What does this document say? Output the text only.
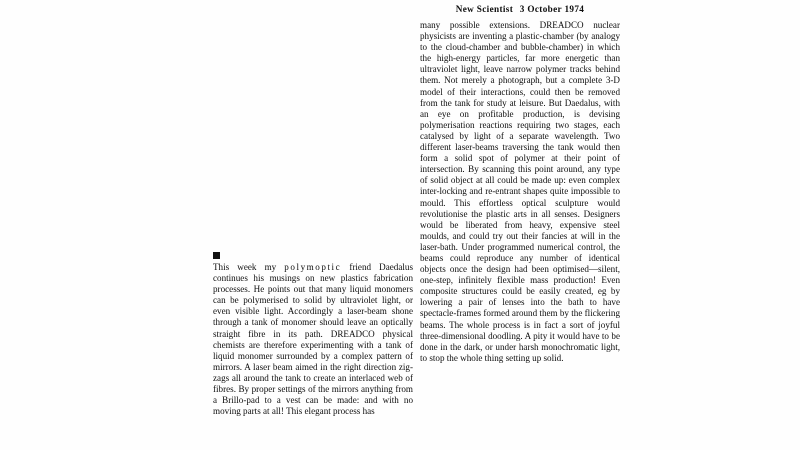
New Scientist 3 October 1974

This week my polymoptic friend Daedalus continues his musings on new plastics fabrication processes. He points out that many liquid monomers can be polymerised to solid by ultraviolet light, or even visible light. Accordingly a laser-beam shone through a tank of monomer should leave an optically straight fibre in its path. DREADCO physical chemists are therefore experimenting with a tank of liquid monomer surrounded by a complex pattern of mirrors. A laser beam aimed in the right direction zig-zags all around the tank to create an interlaced web of fibres. By proper settings of the mirrors anything from a Brillo-pad to a vest can be made: and with no moving parts at all! This elegant process has

many possible extensions. DREADCO nuclear physicists are inventing a plastic-chamber (by analogy to the cloud-chamber and bubble-chamber) in which the high-energy particles, far more energetic than ultraviolet light, leave narrow polymer tracks behind them. Not merely a photograph, but a complete 3-D model of their interactions, could then be removed from the tank for study at leisure. But Daedalus, with an eye on profitable production, is devising polymerisation reactions requiring two stages, each catalysed by light of a separate wavelength. Two different laser-beams traversing the tank would then form a solid spot of polymer at their point of intersection. By scanning this point around, any type of solid object at all could be made up: even complex inter-locking and re-entrant shapes quite impossible to mould. This effortless optical sculpture would revolutionise the plastic arts in all senses. Designers would be liberated from heavy, expensive steel moulds, and could try out their fancies at will in the laser-bath. Under programmed numerical control, the beams could reproduce any number of identical objects once the design had been optimised—silent, one-step, infinitely flexible mass production! Even composite structures could be easily created, eg by lowering a pair of lenses into the bath to have spectacle-frames formed around them by the flickering beams. The whole process is in fact a sort of joyful three-dimensional doodling. A pity it would have to be done in the dark, or under harsh monochromatic light, to stop the whole thing setting up solid.
